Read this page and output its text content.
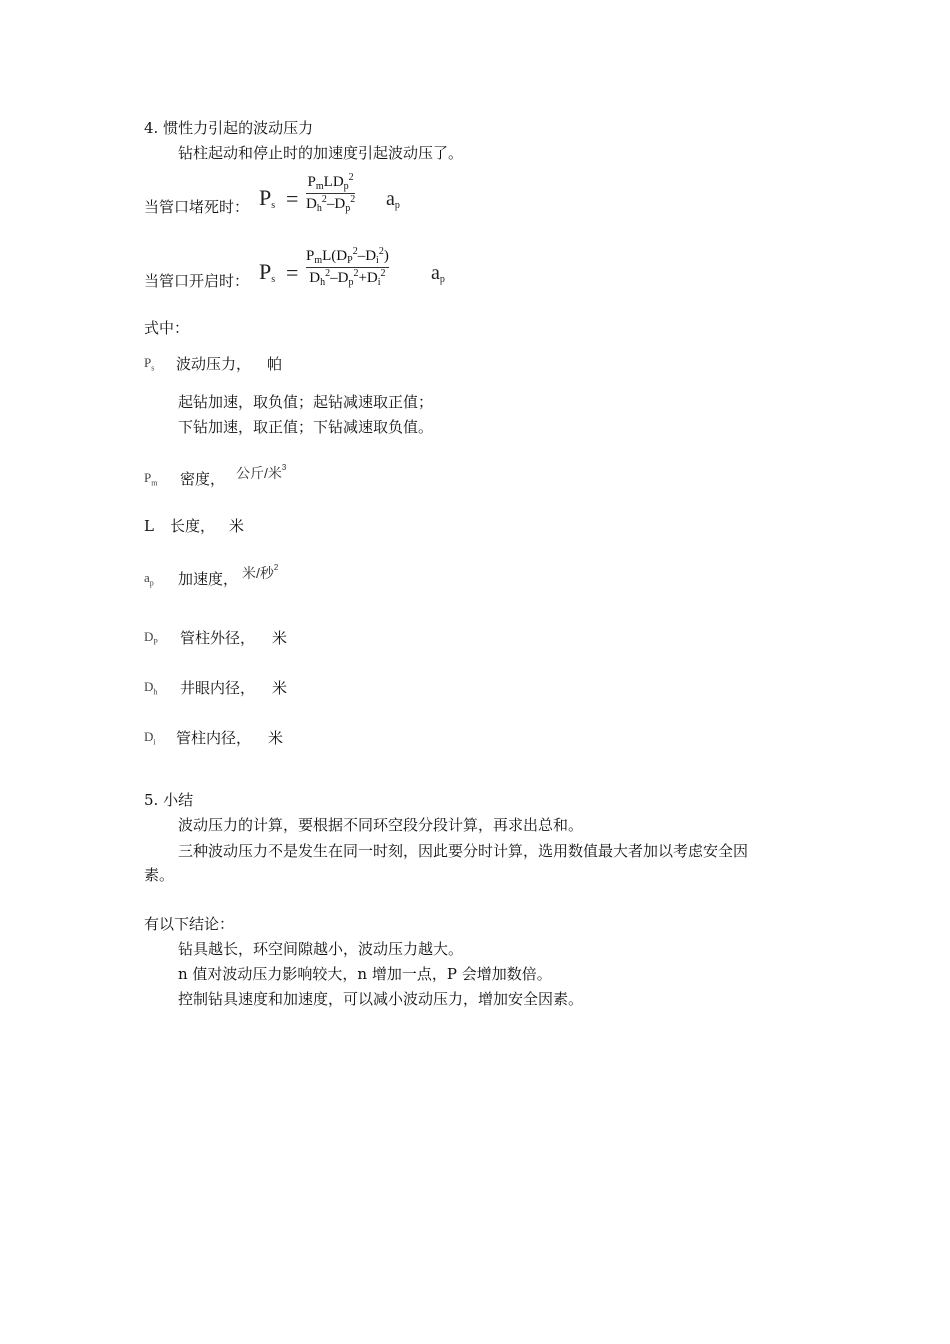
4. 惯性力引起的波动压力
钻柱起动和停止时的加速度引起波动压了。
当管口堵死时： $P_s$ =
$P_mLD_p^2$
$D_h^2-D_p^2$ $a_p$
当管口开启时： $P_s$ =
$P_mL(D_P^2-D_i^2)$
$D_h^2-D_p^2+D_i^2$ $a_p$
式中：
$P_s$ 波动压力， 帕
起钻加速，取负值；起钻减速取正值；
下钻加速，取正值；下钻减速取负值。
$P_m$ 密度， 公斤/米$^3$
L 长度， 米
$a_p$ 加速度， 米/秒$^2$
$D_P$ 管柱外径， 米
$D_h$ 井眼内径， 米
$D_i$ 管柱内径， 米
5. 小结
波动压力的计算，要根据不同环空段分段计算，再求出总和。
三种波动压力不是发生在同一时刻，因此要分时计算，选用数值最大者加以考虑安全因
素。
有以下结论：
钻具越长，环空间隙越小，波动压力越大。
n 值对波动压力影响较大，n 增加一点，P 会增加数倍。
控制钻具速度和加速度，可以减小波动压力，增加安全因素。
